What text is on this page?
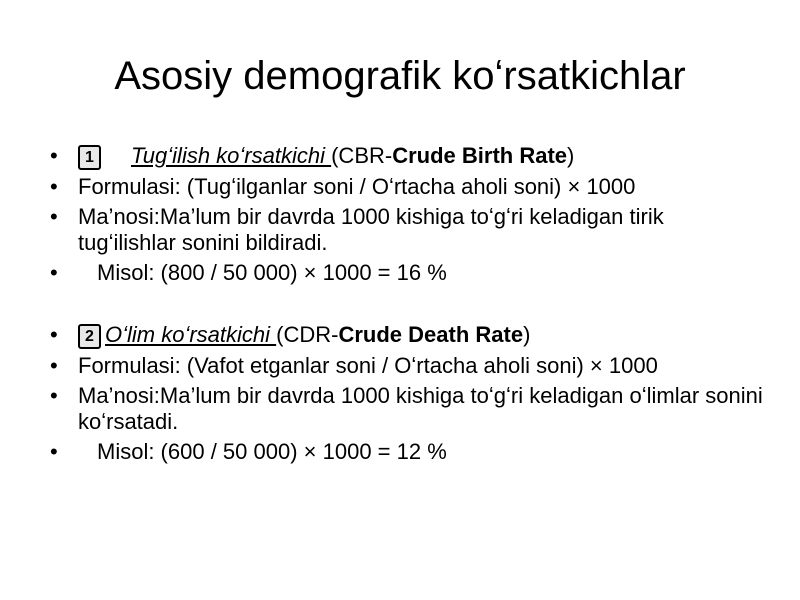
Asosiy demografik koʻrsatkichlar
• 1 Tugʻilish koʻrsatkichi (CBR-Crude Birth Rate)
• Formulasi: (Tugʻilganlar soni / Oʻrtacha aholi soni) × 1000
• Ma’nosi:Ma’lum bir davrda 1000 kishiga toʻgʻri keladigan tirik tugʻilishlar sonini bildiradi.
• Misol: (800 / 50 000) × 1000 = 16 %
• 2 Oʻlim koʻrsatkichi (CDR-Crude Death Rate)
• Formulasi: (Vafot etganlar soni / Oʻrtacha aholi soni) × 1000
• Ma’nosi:Ma’lum bir davrda 1000 kishiga toʻgʻri keladigan oʻlimlar sonini koʻrsatadi.
• Misol: (600 / 50 000) × 1000 = 12 %
